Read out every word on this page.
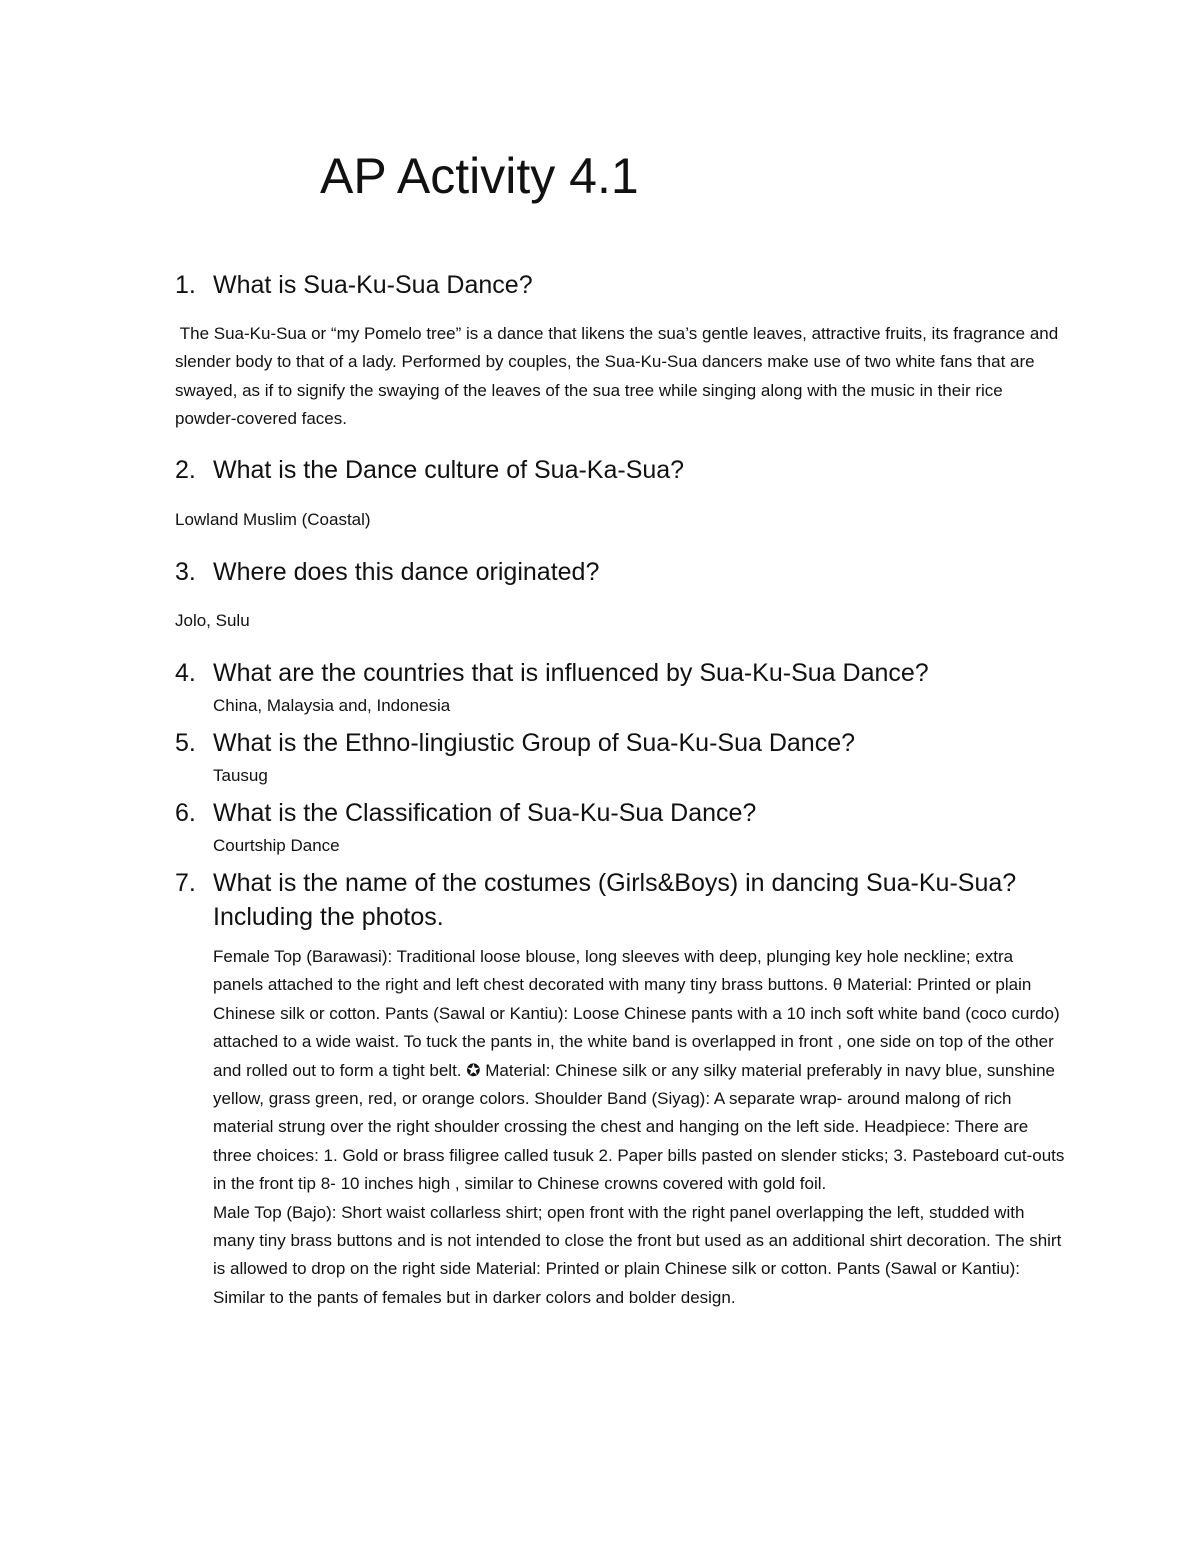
AP Activity 4.1
1. What is Sua-Ku-Sua Dance?

The Sua-Ku-Sua or “my Pomelo tree” is a dance that likens the sua’s gentle leaves, attractive fruits, its fragrance and slender body to that of a lady. Performed by couples, the Sua-Ku-Sua dancers make use of two white fans that are swayed, as if to signify the swaying of the leaves of the sua tree while singing along with the music in their rice powder-covered faces.

2. What is the Dance culture of Sua-Ka-Sua?

Lowland Muslim (Coastal)

3. Where does this dance originated?

Jolo, Sulu

4. What are the countries that is influenced by Sua-Ku-Sua Dance?

China, Malaysia and, Indonesia

5. What is the Ethno-lingiustic Group of Sua-Ku-Sua Dance?

Tausug

6. What is the Classification of Sua-Ku-Sua Dance?

Courtship Dance

7. What is the name of the costumes (Girls&Boys) in dancing Sua-Ku-Sua? Including the photos.
Female Top (Barawasi): Traditional loose blouse, long sleeves with deep, plunging key hole neckline; extra panels attached to the right and left chest decorated with many tiny brass buttons. θ Material: Printed or plain Chinese silk or cotton. Pants (Sawal or Kantiu): Loose Chinese pants with a 10 inch soft white band (coco curdo) attached to a wide waist. To tuck the pants in, the white band is overlapped in front , one side on top of the other and rolled out to form a tight belt. ✪ Material: Chinese silk or any silky material preferably in navy blue, sunshine yellow, grass green, red, or orange colors. Shoulder Band (Siyag): A separate wrap- around malong of rich material strung over the right shoulder crossing the chest and hanging on the left side. Headpiece: There are three choices: 1. Gold or brass filigree called tusuk 2. Paper bills pasted on slender sticks; 3. Pasteboard cut-outs in the front tip 8- 10 inches high , similar to Chinese crowns covered with gold foil.
Male Top (Bajo): Short waist collarless shirt; open front with the right panel overlapping the left, studded with many tiny brass buttons and is not intended to close the front but used as an additional shirt decoration. The shirt is allowed to drop on the right side Material: Printed or plain Chinese silk or cotton. Pants (Sawal or Kantiu): Similar to the pants of females but in darker colors and bolder design.
